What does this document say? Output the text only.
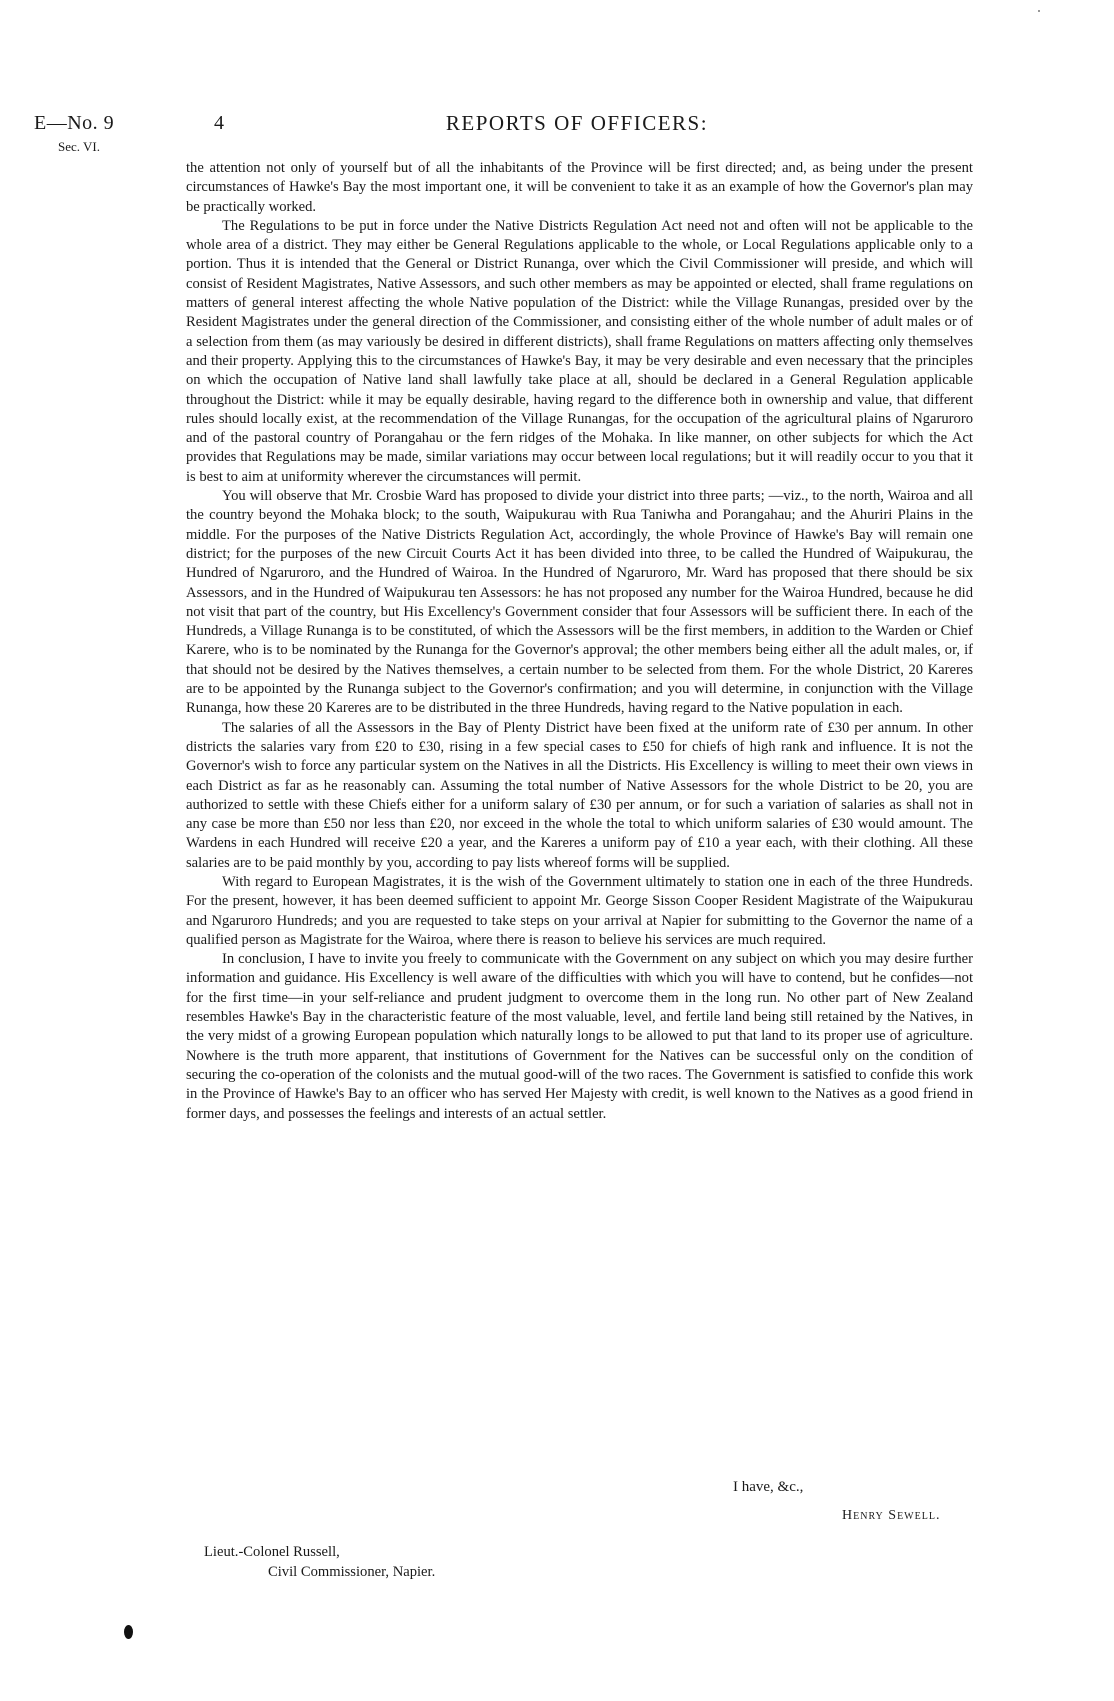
E—No. 9
Sec. VI.
4	REPORTS OF OFFICERS:

the attention not only of yourself but of all the inhabitants of the Province will be first directed; and, as being under the present circumstances of Hawke's Bay the most important one, it will be convenient to take it as an example of how the Governor's plan may be practically worked.

The Regulations to be put in force under the Native Districts Regulation Act need not and often will not be applicable to the whole area of a district. They may either be General Regulations applicable to the whole, or Local Regulations applicable only to a portion. Thus it is intended that the General or District Runanga, over which the Civil Commissioner will preside, and which will consist of Resident Magistrates, Native Assessors, and such other members as may be appointed or elected, shall frame regulations on matters of general interest affecting the whole Native population of the District: while the Village Runangas, presided over by the Resident Magistrates under the general direction of the Commissioner, and consisting either of the whole number of adult males or of a selection from them (as may variously be desired in different districts), shall frame Regulations on matters affecting only themselves and their property. Applying this to the circumstances of Hawke's Bay, it may be very desirable and even necessary that the principles on which the occupation of Native land shall lawfully take place at all, should be declared in a General Regulation applicable throughout the District: while it may be equally desirable, having regard to the difference both in ownership and value, that different rules should locally exist, at the recommendation of the Village Runangas, for the occupation of the agricultural plains of Ngaruroro and of the pastoral country of Porangahau or the fern ridges of the Mohaka. In like manner, on other subjects for which the Act provides that Regulations may be made, similar variations may occur between local regulations; but it will readily occur to you that it is best to aim at uniformity wherever the circumstances will permit.

You will observe that Mr. Crosbie Ward has proposed to divide your district into three parts; —viz., to the north, Wairoa and all the country beyond the Mohaka block; to the south, Waipukurau with Rua Taniwha and Porangahau; and the Ahuriri Plains in the middle. For the purposes of the Native Districts Regulation Act, accordingly, the whole Province of Hawke's Bay will remain one district; for the purposes of the new Circuit Courts Act it has been divided into three, to be called the Hundred of Waipukurau, the Hundred of Ngaruroro, and the Hundred of Wairoa. In the Hundred of Ngaruroro, Mr. Ward has proposed that there should be six Assessors, and in the Hundred of Waipukurau ten Assessors: he has not proposed any number for the Wairoa Hundred, because he did not visit that part of the country, but His Excellency's Government consider that four Assessors will be sufficient there. In each of the Hundreds, a Village Runanga is to be constituted, of which the Assessors will be the first members, in addition to the Warden or Chief Karere, who is to be nominated by the Runanga for the Governor's approval; the other members being either all the adult males, or, if that should not be desired by the Natives themselves, a certain number to be selected from them. For the whole District, 20 Kareres are to be appointed by the Runanga subject to the Governor's confirmation; and you will determine, in conjunction with the Village Runanga, how these 20 Kareres are to be distributed in the three Hundreds, having regard to the Native population in each.

The salaries of all the Assessors in the Bay of Plenty District have been fixed at the uniform rate of £30 per annum. In other districts the salaries vary from £20 to £30, rising in a few special cases to £50 for chiefs of high rank and influence. It is not the Governor's wish to force any particular system on the Natives in all the Districts. His Excellency is willing to meet their own views in each District as far as he reasonably can. Assuming the total number of Native Assessors for the whole District to be 20, you are authorized to settle with these Chiefs either for a uniform salary of £30 per annum, or for such a variation of salaries as shall not in any case be more than £50 nor less than £20, nor exceed in the whole the total to which uniform salaries of £30 would amount. The Wardens in each Hundred will receive £20 a year, and the Kareres a uniform pay of £10 a year each, with their clothing. All these salaries are to be paid monthly by you, according to pay lists whereof forms will be supplied.

With regard to European Magistrates, it is the wish of the Government ultimately to station one in each of the three Hundreds. For the present, however, it has been deemed sufficient to appoint Mr. George Sisson Cooper Resident Magistrate of the Waipukurau and Ngaruroro Hundreds; and you are requested to take steps on your arrival at Napier for submitting to the Governor the name of a qualified person as Magistrate for the Wairoa, where there is reason to believe his services are much required.

In conclusion, I have to invite you freely to communicate with the Government on any subject on which you may desire further information and guidance. His Excellency is well aware of the difficulties with which you will have to contend, but he confides—not for the first time—in your self-reliance and prudent judgment to overcome them in the long run. No other part of New Zealand resembles Hawke's Bay in the characteristic feature of the most valuable, level, and fertile land being still retained by the Natives, in the very midst of a growing European population which naturally longs to be allowed to put that land to its proper use of agriculture. Nowhere is the truth more apparent, that institutions of Government for the Natives can be successful only on the condition of securing the co-operation of the colonists and the mutual good-will of the two races. The Government is satisfied to confide this work in the Province of Hawke's Bay to an officer who has served Her Majesty with credit, is well known to the Natives as a good friend in former days, and possesses the feelings and interests of an actual settler.

I have, &c.,
Henry Sewell.
Lieut.-Colonel Russell,
Civil Commissioner, Napier.
